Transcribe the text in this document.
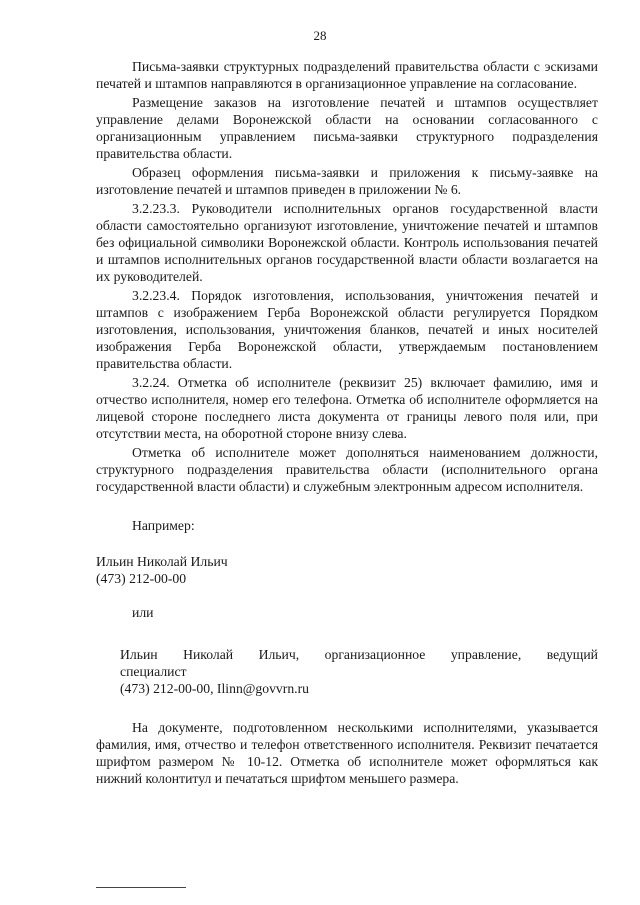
28

Письма-заявки структурных подразделений правительства области с эскизами печатей и штампов направляются в организационное управление на согласование.

Размещение заказов на изготовление печатей и штампов осуществляет управление делами Воронежской области на основании согласованного с организационным управлением письма-заявки структурного подразделения правительства области.

Образец оформления письма-заявки и приложения к письму-заявке на изготовление печатей и штампов приведен в приложении № 6.

3.2.23.3. Руководители исполнительных органов государственной власти области самостоятельно организуют изготовление, уничтожение печатей и штампов без официальной символики Воронежской области. Контроль использования печатей и штампов исполнительных органов государственной власти области возлагается на их руководителей.

3.2.23.4. Порядок изготовления, использования, уничтожения печатей и штампов с изображением Герба Воронежской области регулируется Порядком изготовления, использования, уничтожения бланков, печатей и иных носителей изображения Герба Воронежской области, утверждаемым постановлением правительства области.

3.2.24. Отметка об исполнителе (реквизит 25) включает фамилию, имя и отчество исполнителя, номер его телефона. Отметка об исполнителе оформляется на лицевой стороне последнего листа документа от границы левого поля или, при отсутствии места, на оборотной стороне внизу слева.

Отметка об исполнителе может дополняться наименованием должности, структурного подразделения правительства области (исполнительного органа государственной власти области) и служебным электронным адресом исполнителя.

Например:

Ильин Николай Ильич
(473) 212-00-00

или

Ильин Николай Ильич, организационное управление, ведущий
специалист
(473) 212-00-00, Ilinn@govvrn.ru

На документе, подготовленном несколькими исполнителями, указывается фамилия, имя, отчество и телефон ответственного исполнителя. Реквизит печатается шрифтом размером № 10-12. Отметка об исполнителе может оформляться как нижний колонтитул и печататься шрифтом меньшего размера.
